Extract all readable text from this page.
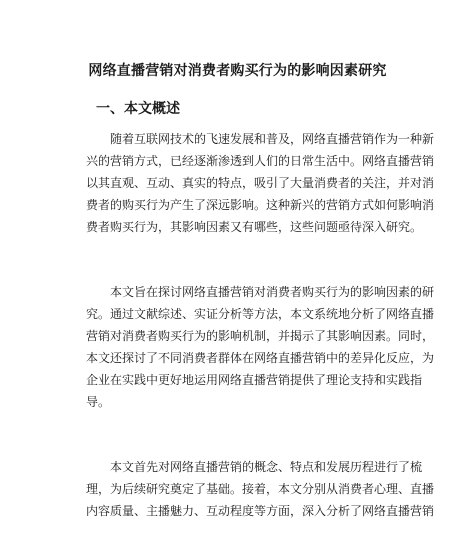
网络直播营销对消费者购买行为的影响因素研究
一、本文概述
随着互联网技术的飞速发展和普及，网络直播营销作为一种新
兴的营销方式，已经逐渐渗透到人们的日常生活中。网络直播营销
以其直观、互动、真实的特点，吸引了大量消费者的关注，并对消
费者的购买行为产生了深远影响。这种新兴的营销方式如何影响消
费者购买行为，其影响因素又有哪些，这些问题亟待深入研究。
本文旨在探讨网络直播营销对消费者购买行为的影响因素的研
究。通过文献综述、实证分析等方法，本文系统地分析了网络直播
营销对消费者购买行为的影响机制，并揭示了其影响因素。同时，
本文还探讨了不同消费者群体在网络直播营销中的差异化反应，为
企业在实践中更好地运用网络直播营销提供了理论支持和实践指
导。
本文首先对网络直播营销的概念、特点和发展历程进行了梳
理，为后续研究奠定了基础。接着，本文分别从消费者心理、直播
内容质量、主播魅力、互动程度等方面，深入分析了网络直播营销
